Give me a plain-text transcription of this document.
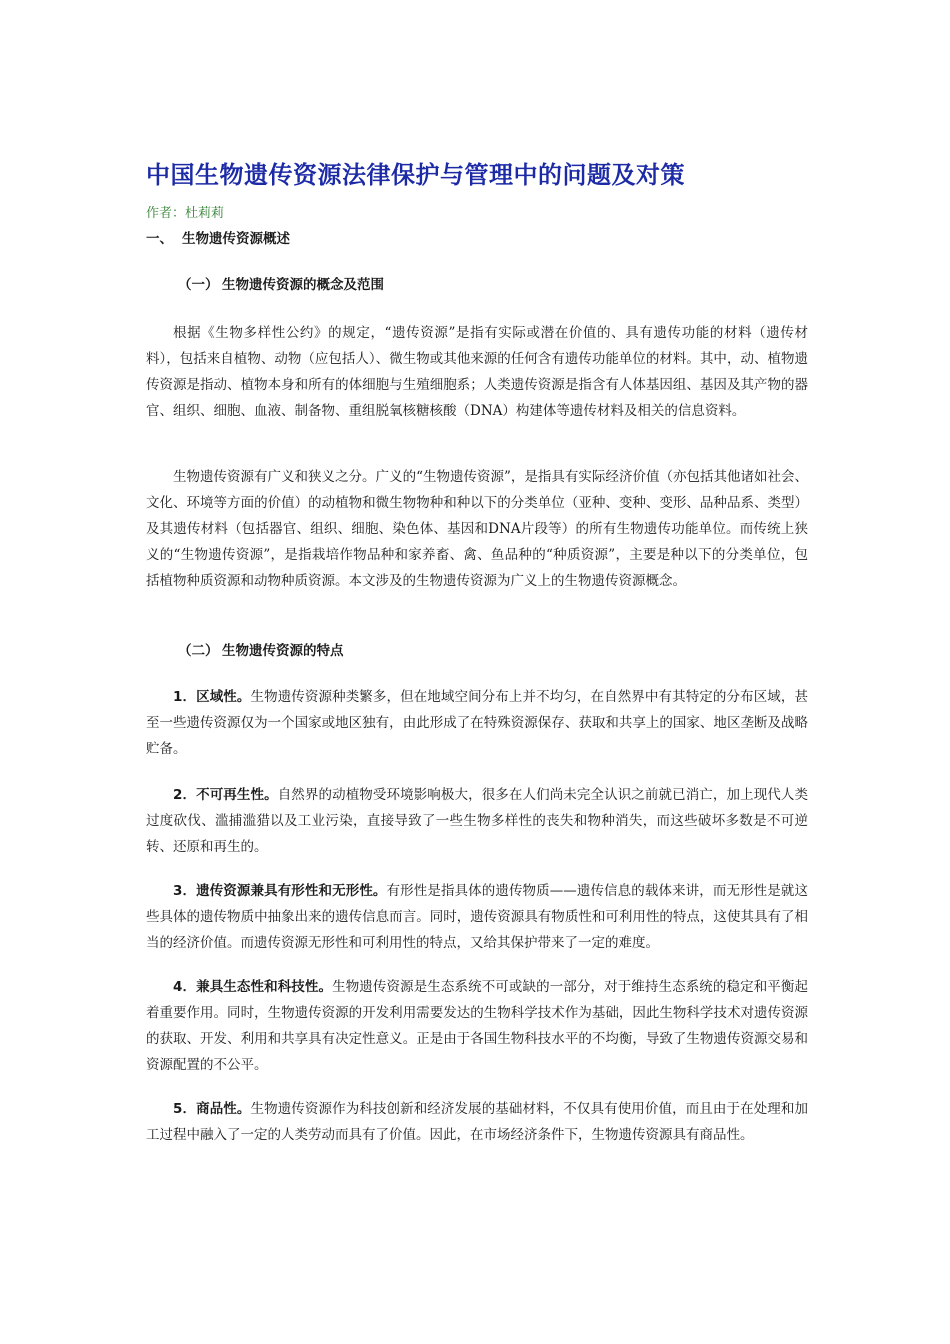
中国生物遗传资源法律保护与管理中的问题及对策
作者：杜莉莉
一、 生物遗传资源概述
（一） 生物遗传资源的概念及范围

根据《生物多样性公约》的规定，“遗传资源”是指有实际或潜在价值的、具有遗传功能的材料（遗传材料），包括来自植物、动物（应包括人）、微生物或其他来源的任何含有遗传功能单位的材料。其中，动、植物遗传资源是指动、植物本身和所有的体细胞与生殖细胞系；人类遗传资源是指含有人体基因组、基因及其产物的器官、组织、细胞、血液、制备物、重组脱氧核糖核酸（DNA）构建体等遗传材料及相关的信息资料。

生物遗传资源有广义和狭义之分。广义的“生物遗传资源”，是指具有实际经济价值（亦包括其他诸如社会、文化、环境等方面的价值）的动植物和微生物物种和种以下的分类单位（亚种、变种、变形、品种品系、类型）及其遗传材料（包括器官、组织、细胞、染色体、基因和DNA片段等）的所有生物遗传功能单位。而传统上狭义的“生物遗传资源”，是指栽培作物品种和家养畜、禽、鱼品种的“种质资源”，主要是种以下的分类单位，包括植物种质资源和动物种质资源。本文涉及的生物遗传资源为广义上的生物遗传资源概念。

（二） 生物遗传资源的特点

1．区域性。生物遗传资源种类繁多，但在地域空间分布上并不均匀，在自然界中有其特定的分布区域，甚至一些遗传资源仅为一个国家或地区独有，由此形成了在特殊资源保存、获取和共享上的国家、地区垄断及战略贮备。

2．不可再生性。自然界的动植物受环境影响极大，很多在人们尚未完全认识之前就已消亡，加上现代人类过度砍伐、滥捕滥猎以及工业污染，直接导致了一些生物多样性的丧失和物种消失，而这些破坏多数是不可逆转、还原和再生的。

3．遗传资源兼具有形性和无形性。有形性是指具体的遗传物质——遗传信息的载体来讲，而无形性是就这些具体的遗传物质中抽象出来的遗传信息而言。同时，遗传资源具有物质性和可利用性的特点，这使其具有了相当的经济价值。而遗传资源无形性和可利用性的特点，又给其保护带来了一定的难度。

4．兼具生态性和科技性。生物遗传资源是生态系统不可或缺的一部分，对于维持生态系统的稳定和平衡起着重要作用。同时，生物遗传资源的开发利用需要发达的生物科学技术作为基础，因此生物科学技术对遗传资源的获取、开发、利用和共享具有决定性意义。正是由于各国生物科技水平的不均衡，导致了生物遗传资源交易和资源配置的不公平。

5．商品性。生物遗传资源作为科技创新和经济发展的基础材料，不仅具有使用价值，而且由于在处理和加工过程中融入了一定的人类劳动而具有了价值。因此，在市场经济条件下，生物遗传资源具有商品性。
